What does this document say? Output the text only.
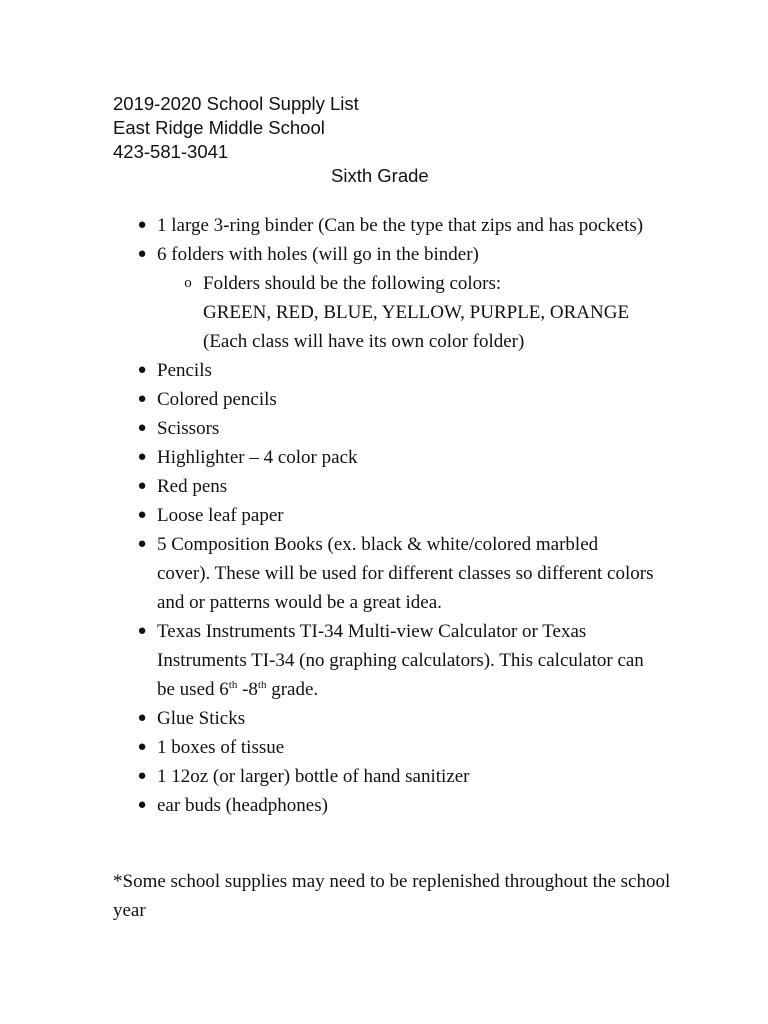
2019-2020 School Supply List
East Ridge Middle School
423-581-3041
Sixth Grade
● 1 large 3-ring binder (Can be the type that zips and has pockets)
● 6 folders with holes (will go in the binder)
o Folders should be the following colors:
GREEN, RED, BLUE, YELLOW, PURPLE, ORANGE
(Each class will have its own color folder)
● Pencils
● Colored pencils
● Scissors
● Highlighter – 4 color pack
● Red pens
● Loose leaf paper
● 5 Composition Books (ex. black & white/colored marbled cover). These will be used for different classes so different colors and or patterns would be a great idea.
● Texas Instruments TI-34 Multi-view Calculator or Texas Instruments TI-34 (no graphing calculators). This calculator can be used 6th -8th grade.
● Glue Sticks
● 1 boxes of tissue
● 1 12oz (or larger) bottle of hand sanitizer
● ear buds (headphones)
*Some school supplies may need to be replenished throughout the school year
